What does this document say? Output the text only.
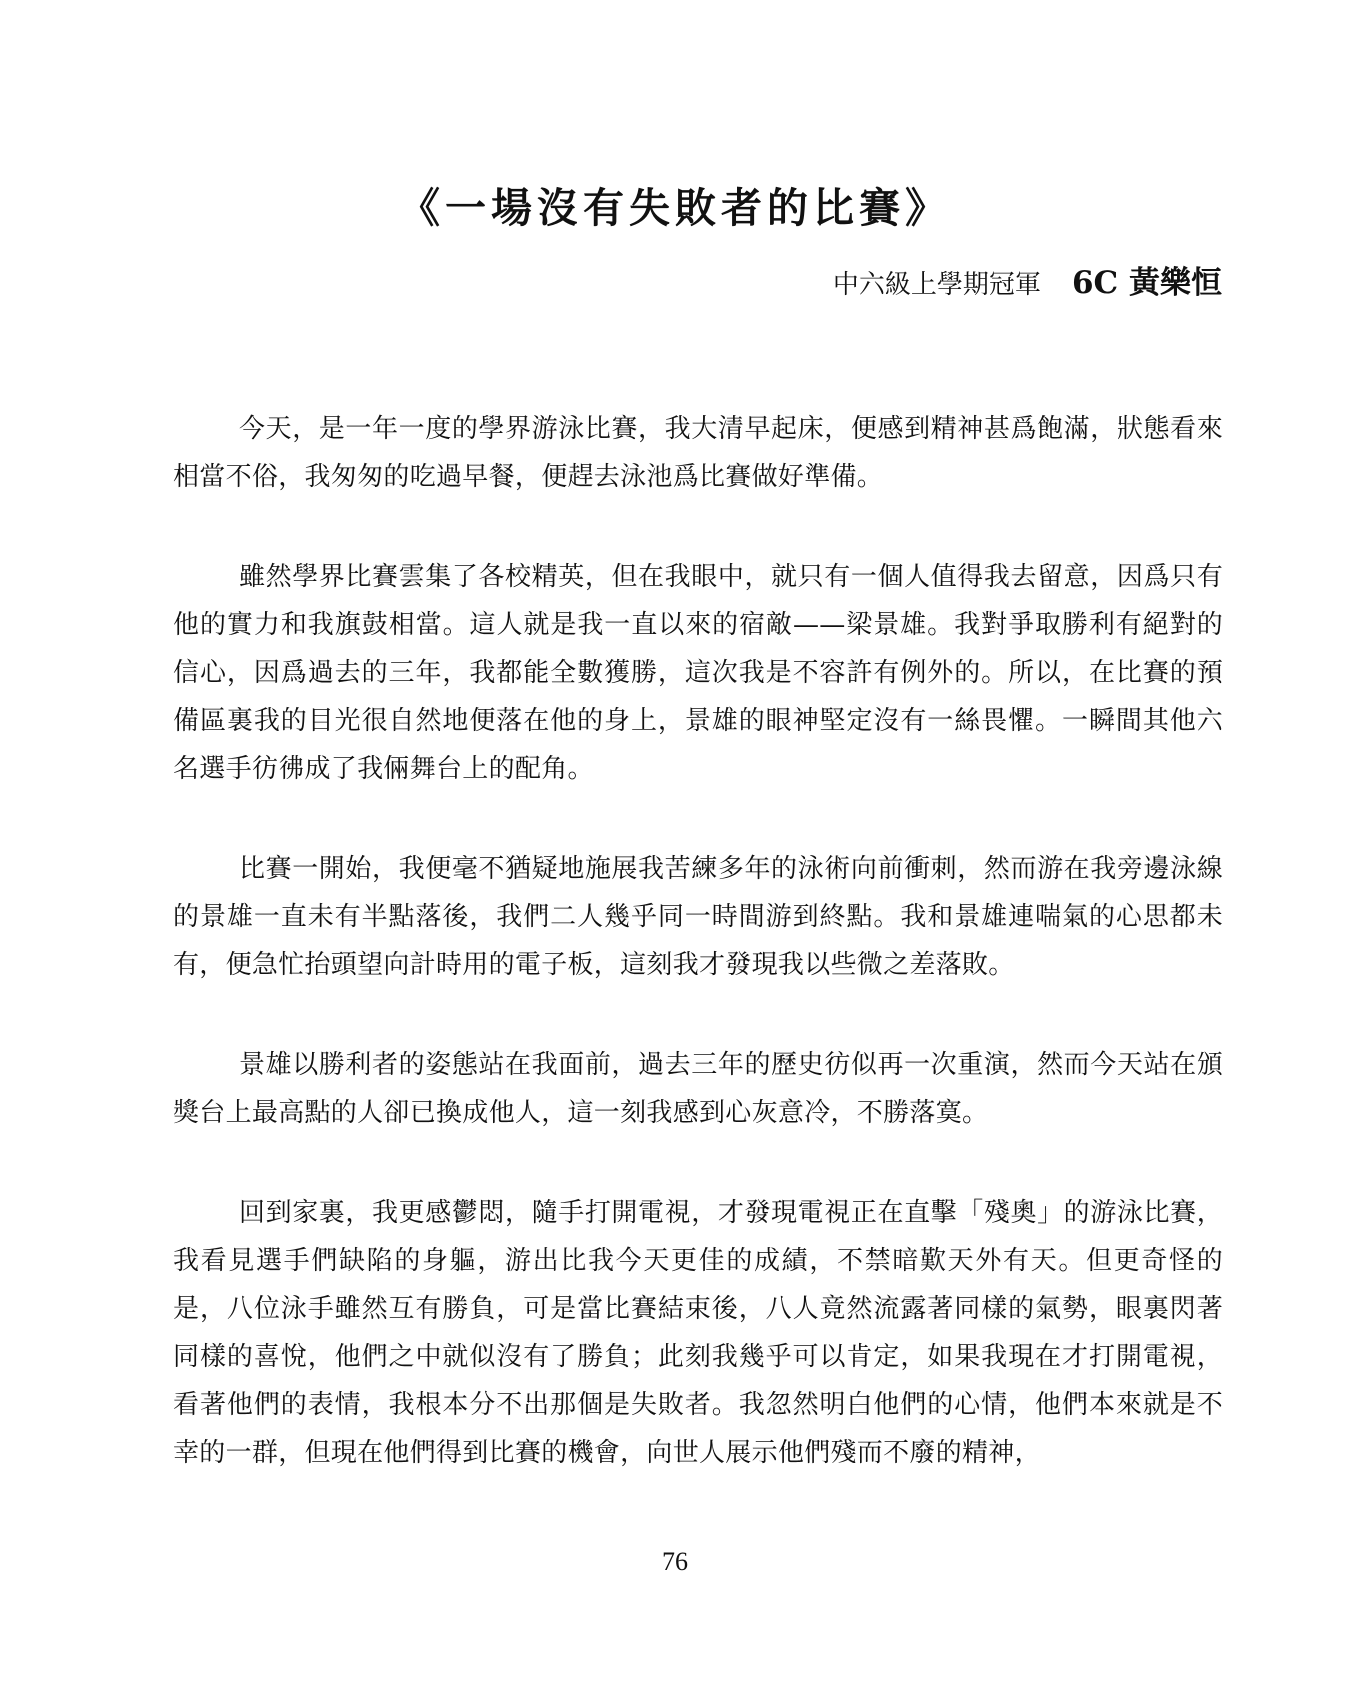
《一場沒有失敗者的比賽》
中六級上學期冠軍 6C 黃樂恒

今天，是一年一度的學界游泳比賽，我大清早起床，便感到精神甚爲飽滿，狀態看來相當不俗，我匆匆的吃過早餐，便趕去泳池爲比賽做好準備。

雖然學界比賽雲集了各校精英，但在我眼中，就只有一個人值得我去留意，因爲只有他的實力和我旗鼓相當。這人就是我一直以來的宿敵——梁景雄。我對爭取勝利有絕對的信心，因爲過去的三年，我都能全數獲勝，這次我是不容許有例外的。所以，在比賽的預備區裏我的目光很自然地便落在他的身上，景雄的眼神堅定沒有一絲畏懼。一瞬間其他六名選手彷彿成了我倆舞台上的配角。

比賽一開始，我便毫不猶疑地施展我苦練多年的泳術向前衝刺，然而游在我旁邊泳線的景雄一直未有半點落後，我們二人幾乎同一時間游到終點。我和景雄連喘氣的心思都未有，便急忙抬頭望向計時用的電子板，這刻我才發現我以些微之差落敗。

景雄以勝利者的姿態站在我面前，過去三年的歷史彷似再一次重演，然而今天站在頒獎台上最高點的人卻已換成他人，這一刻我感到心灰意冷，不勝落寞。

回到家裏，我更感鬱悶，隨手打開電視，才發現電視正在直擊「殘奧」的游泳比賽，我看見選手們缺陷的身軀，游出比我今天更佳的成績，不禁暗歎天外有天。但更奇怪的是，八位泳手雖然互有勝負，可是當比賽結束後，八人竟然流露著同樣的氣勢，眼裏閃著同樣的喜悅，他們之中就似沒有了勝負；此刻我幾乎可以肯定，如果我現在才打開電視，看著他們的表情，我根本分不出那個是失敗者。我忽然明白他們的心情，他們本來就是不幸的一群，但現在他們得到比賽的機會，向世人展示他們殘而不廢的精神，

76
